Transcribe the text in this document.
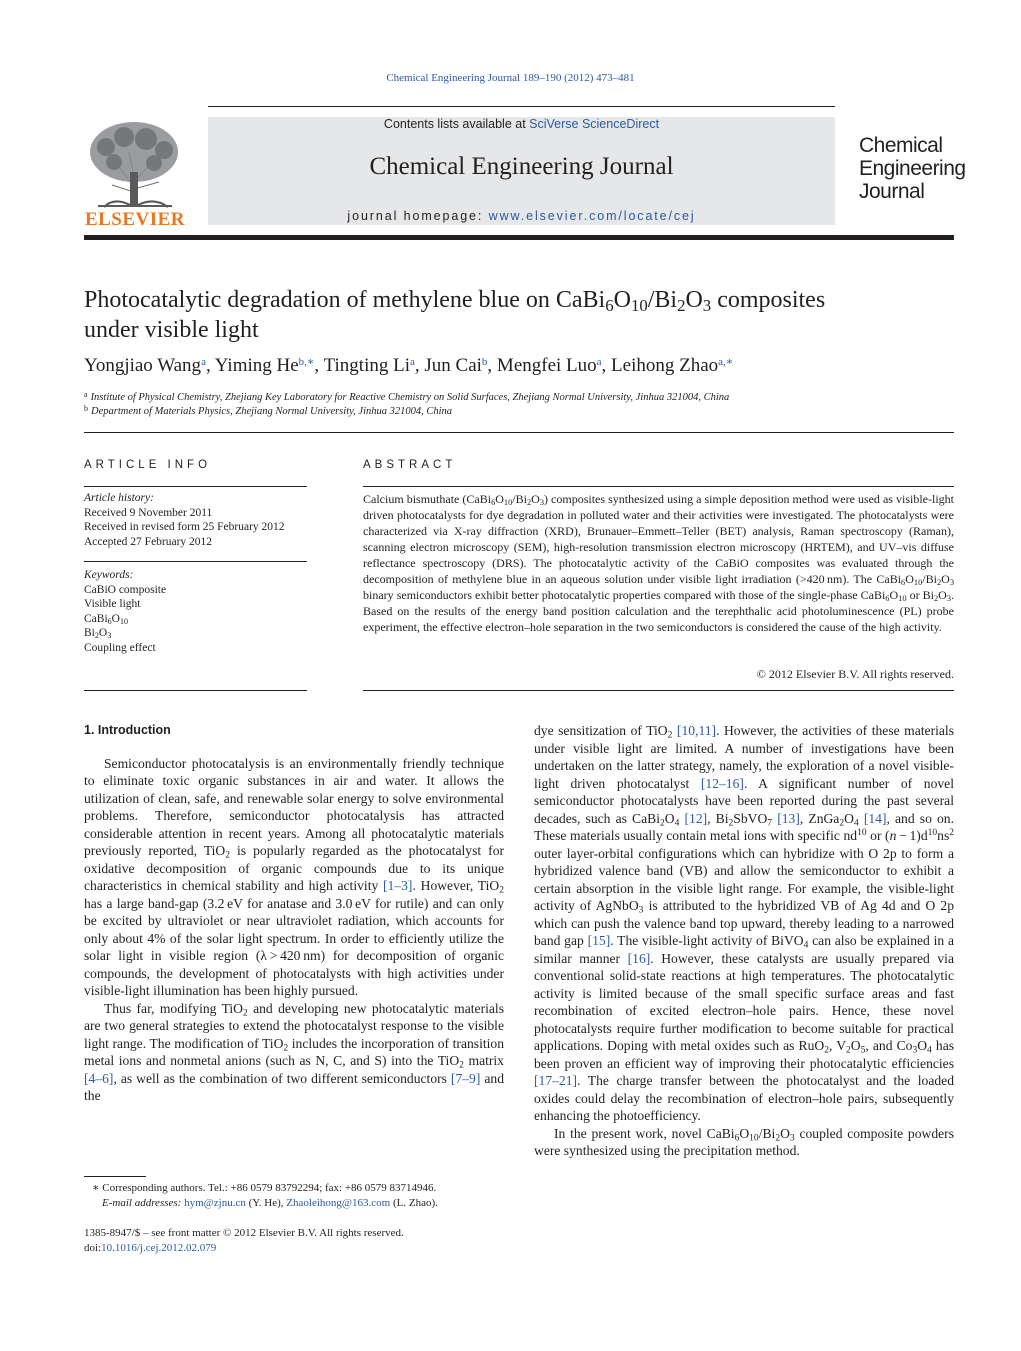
Chemical Engineering Journal 189–190 (2012) 473–481
ELSEVIER
Contents lists available at SciVerse ScienceDirect
Chemical Engineering Journal
journal homepage: www.elsevier.com/locate/cej
Chemical
Engineering
Journal
Photocatalytic degradation of methylene blue on $CaBi_6O_{10}/Bi_2O_3$ composites
under visible light
Yongjiao Wang$^a$, Yiming $He^{b,∗}$, Tingting Li$^a$, Jun Cai$^b$, Mengfei Luo$^a$, Leihong Zhao$^{a,∗}$
$^a$ Institute of Physical Chemistry, Zhejiang Key Laboratory for Reactive Chemistry on Solid Surfaces, Zhejiang Normal University, Jinhua 321004, China
$^b$ Department of Materials Physics, Zhejiang Normal University, Jinhua 321004, China
ARTICLE INFO	ABSTRACT
Article history:
Received 9 November 2011
Received in revised form 25 February 2012
Accepted 27 February 2012
Keywords:
CaBiO composite
Visible light
$CaBi_6O_{10}$
$Bi_2O_3$
Coupling effect
Calcium bismuthate $(CaBi_6O_{10}/Bi_2O_3)$ composites synthesized using a simple deposition method were used as visible-light driven photocatalysts for dye degradation in polluted water and their activities were investigated. The photocatalysts were characterized via X-ray diffraction (XRD), Brunauer–Emmett–Teller (BET) analysis, Raman spectroscopy (Raman), scanning electron microscopy (SEM), high-resolution transmission electron microscopy (HRTEM), and UV–vis diffuse reflectance spectroscopy (DRS). The photocatalytic activity of the CaBiO composites was evaluated through the decomposition of methylene blue in an aqueous solution under visible light irradiation (>420 nm). The $CaBi_6O_{10}/Bi_2O_3$ binary semiconductors exhibit better photocatalytic properties compared with those of the single-phase $CaBi_6O_{10}$ or $Bi_2O_3$. Based on the results of the energy band position calculation and the terephthalic acid photoluminescence (PL) probe experiment, the effective electron–hole separation in the two semiconductors is considered the cause of the high activity.
© 2012 Elsevier B.V. All rights reserved.
1. Introduction

Semiconductor photocatalysis is an environmentally friendly technique to eliminate toxic organic substances in air and water. It allows the utilization of clean, safe, and renewable solar energy to solve environmental problems. Therefore, semiconductor photocatalysis has attracted considerable attention in recent years. Among all photocatalytic materials previously reported, TiO$_2$ is popularly regarded as the photocatalyst for oxidative decomposition of organic compounds due to its unique characteristics in chemical stability and high activity [1–3]. However, TiO$_2$ has a large band-gap (3.2 eV for anatase and 3.0 eV for rutile) and can only be excited by ultraviolet or near ultraviolet radiation, which accounts for only about 4% of the solar light spectrum. In order to efficiently utilize the solar light in visible region (λ > 420 nm) for decomposition of organic compounds, the development of photocatalysts with high activities under visible-light illumination has been highly pursued.

Thus far, modifying TiO$_2$ and developing new photocatalytic materials are two general strategies to extend the photocatalyst response to the visible light range. The modification of TiO$_2$ includes the incorporation of transition metal ions and nonmetal anions (such as N, C, and S) into the TiO$_2$ matrix [4–6], as well as the combination of two different semiconductors [7–9] and the

dye sensitization of TiO$_2$ [10,11]. However, the activities of these materials under visible light are limited. A number of investigations have been undertaken on the latter strategy, namely, the exploration of a novel visible-light driven photocatalyst [12–16]. A significant number of novel semiconductor photocatalysts have been reported during the past several decades, such as $CaBi_2O_4$ [12], $Bi_2SbVO_7$ [13], $ZnGa_2O_4$ [14], and so on. These materials usually contain metal ions with specific $nd^{10}$ or $(n - 1)d^{10}ns^2$ outer layer-orbital configurations which can hybridize with O 2p to form a hybridized valence band (VB) and allow the semiconductor to exhibit a certain absorption in the visible light range. For example, the visible-light activity of AgNbO$_3$ is attributed to the hybridized VB of Ag 4d and O 2p which can push the valence band top upward, thereby leading to a narrowed band gap [15]. The visible-light activity of BiVO$_4$ can also be explained in a similar manner [16]. However, these catalysts are usually prepared via conventional solid-state reactions at high temperatures. The photocatalytic activity is limited because of the small specific surface areas and fast recombination of excited electron–hole pairs. Hence, these novel photocatalysts require further modification to become suitable for practical applications. Doping with metal oxides such as RuO$_2$, $V_2O_5$, and $Co_3O_4$ has been proven an efficient way of improving their photocatalytic efficiencies [17–21]. The charge transfer between the photocatalyst and the loaded oxides could delay the recombination of electron–hole pairs, subsequently enhancing the photoefficiency.

In the present work, novel $CaBi_6O_{10}/Bi_2O_3$ coupled composite powders were synthesized using the precipitation method.

∗ Corresponding authors. Tel.: +86 0579 83792294; fax: +86 0579 83714946.
E-mail addresses: hym@zjnu.cn (Y. He), Zhaoleihong@163.com (L. Zhao).
1385-8947/$ – see front matter © 2012 Elsevier B.V. All rights reserved.
doi:10.1016/j.cej.2012.02.079
